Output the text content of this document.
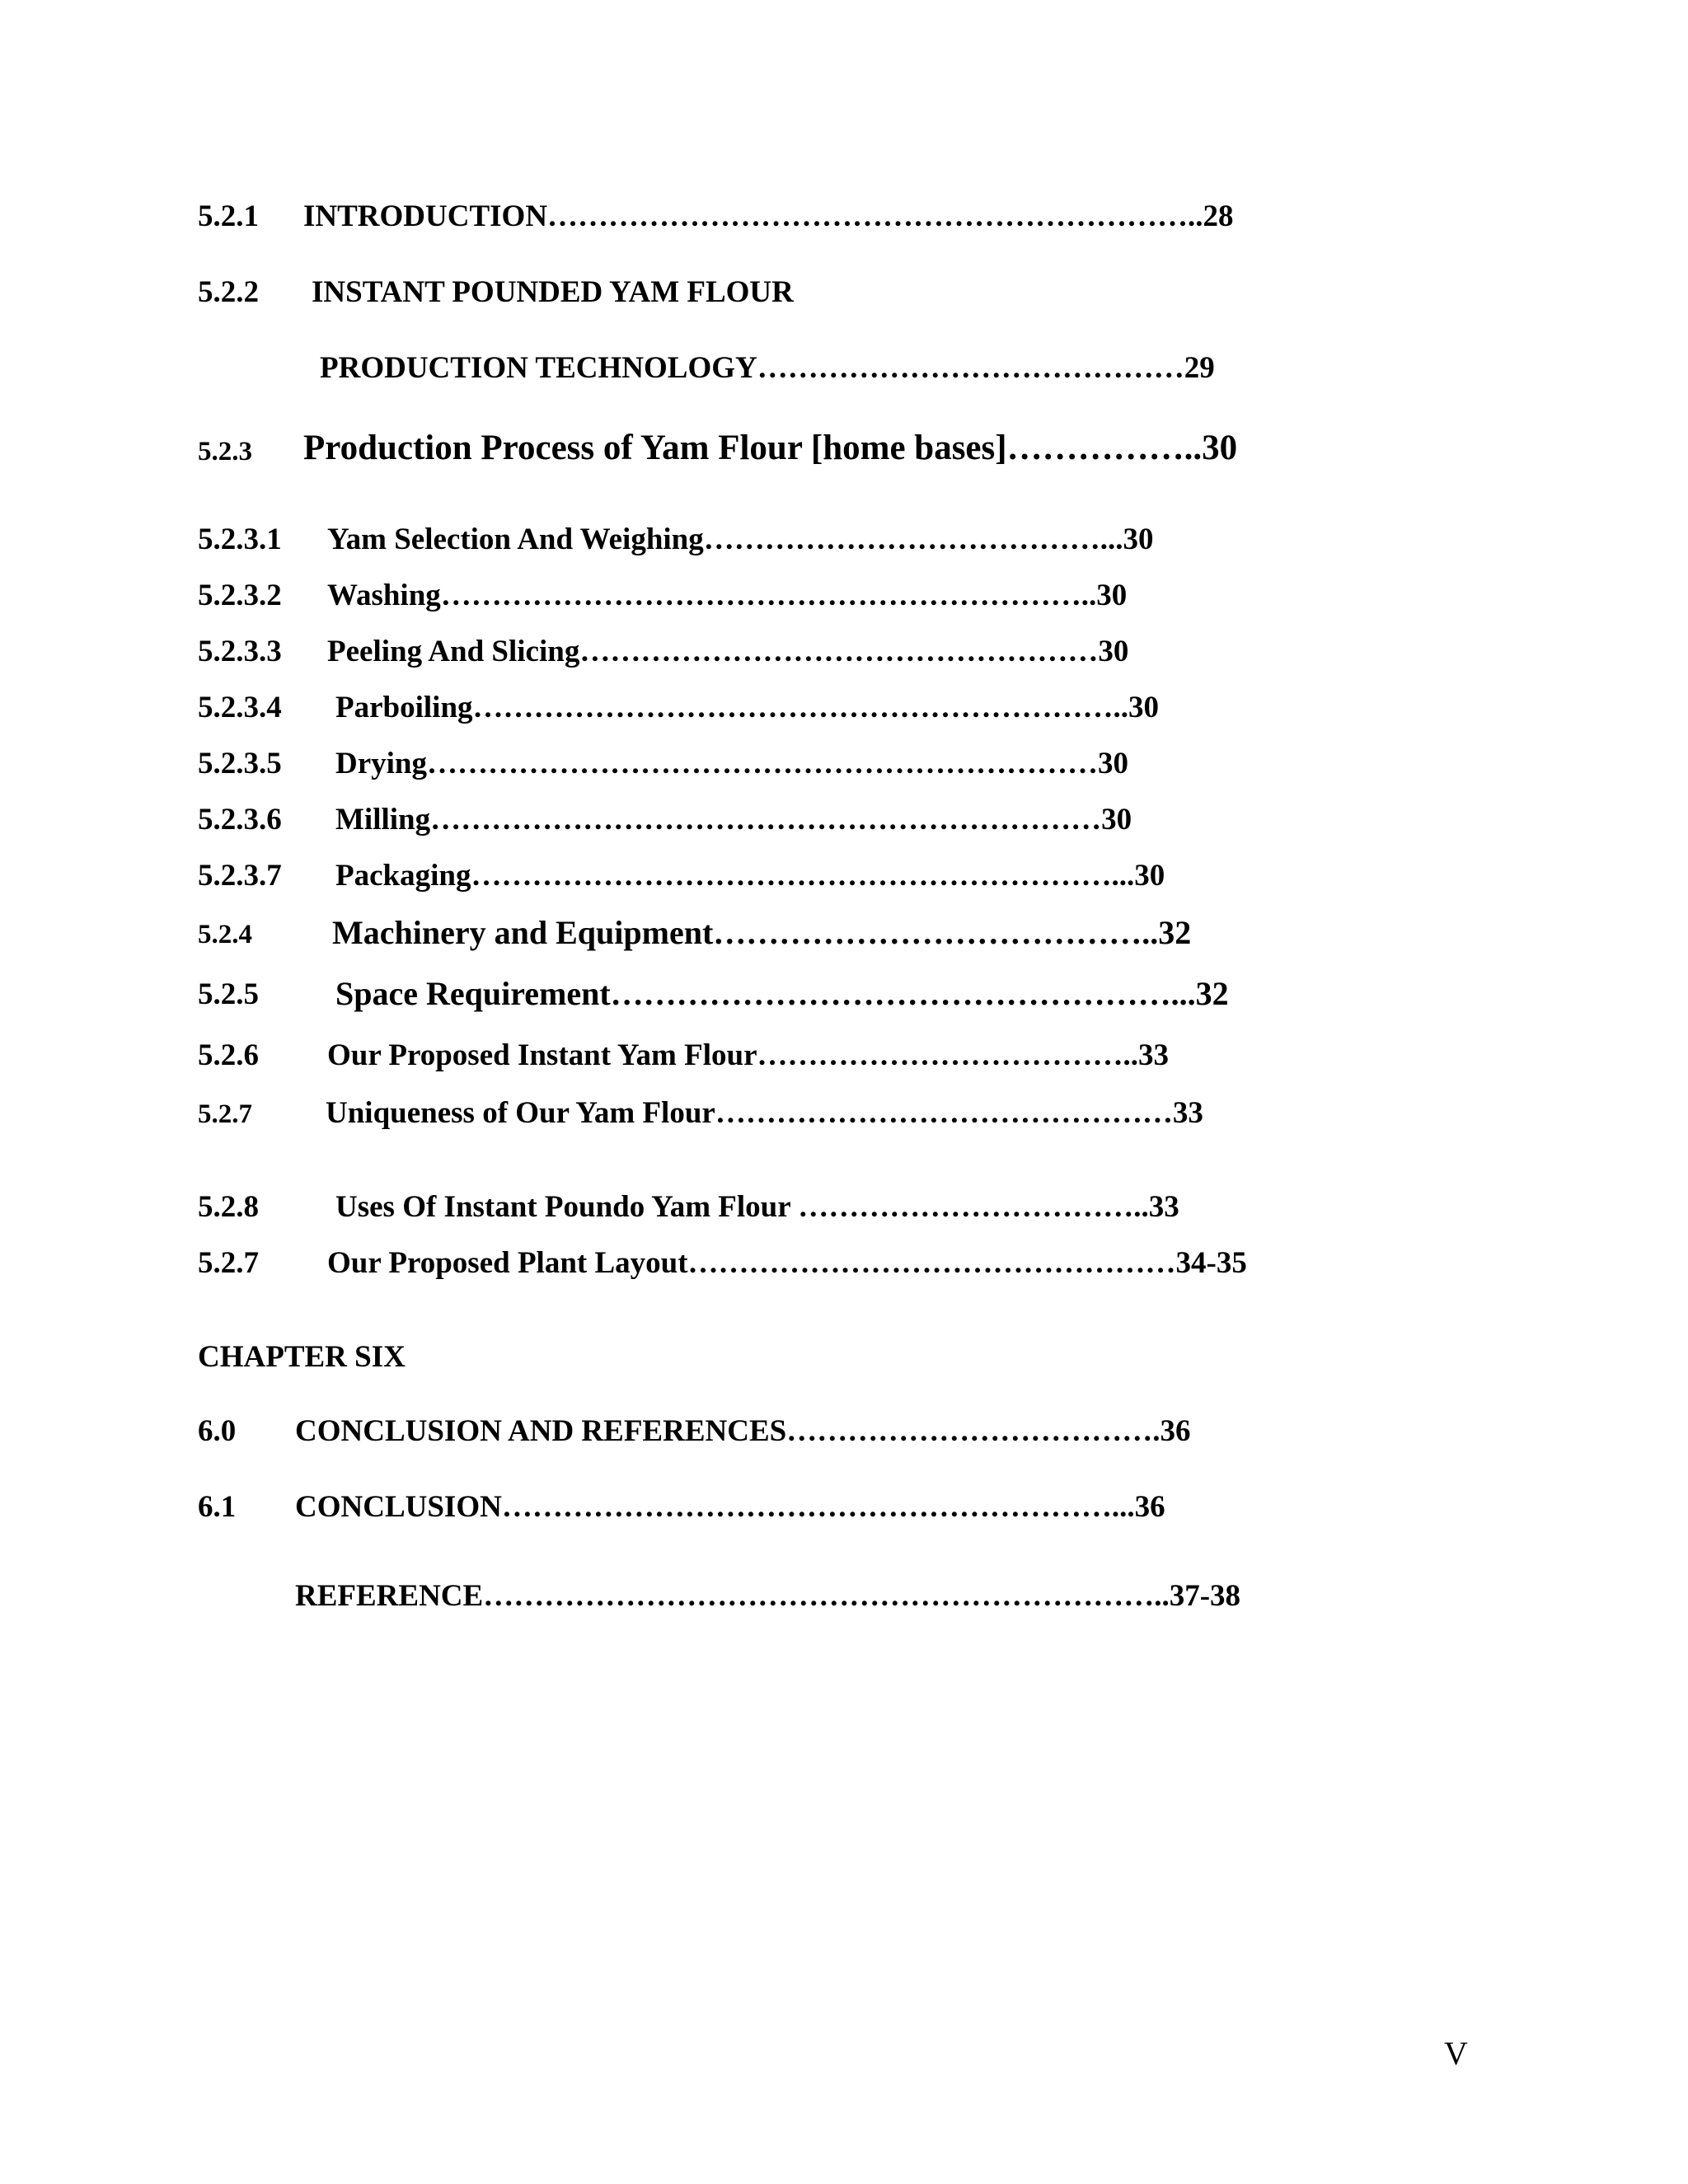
5.2.1

INTRODUCTION………………………………………………………..28

5.2.2

INSTANT POUNDED YAM FLOUR

PRODUCTION TECHNOLOGY……………………………………29

5.2.3

Production Process of Yam Flour [home bases]……………..30

5.2.3.1

Yam Selection And Weighing…………………………………...30

5.2.3.2

Washing………………………………………………………..30

5.2.3.3

Peeling And Slicing……………………………………………30

5.2.3.4

Parboiling………………………………………………………..30

5.2.3.5

Drying…………………………………………………………30

5.2.3.6

Milling…………………………………………………………30

5.2.3.7

Packaging………………………………………………………...30

5.2.4

Machinery and Equipment…………………………………..32

5.2.5

Space Requirement……………………………………………...32

5.2.6

Our Proposed Instant Yam Flour………………………………..33

5.2.7

Uniqueness of Our Yam Flour………………………………………33

5.2.8

	Uses Of Instant Poundo Yam Flour ……………………………..33

5.2.7

Our Proposed Plant Layout…………………………………………34-35

CHAPTER SIX

6.0

CONCLUSION AND REFERENCES……………………………….36

6.1

CONCLUSION……………………………………………………...36

REFERENCE…………………………………………………………..37-38

V
